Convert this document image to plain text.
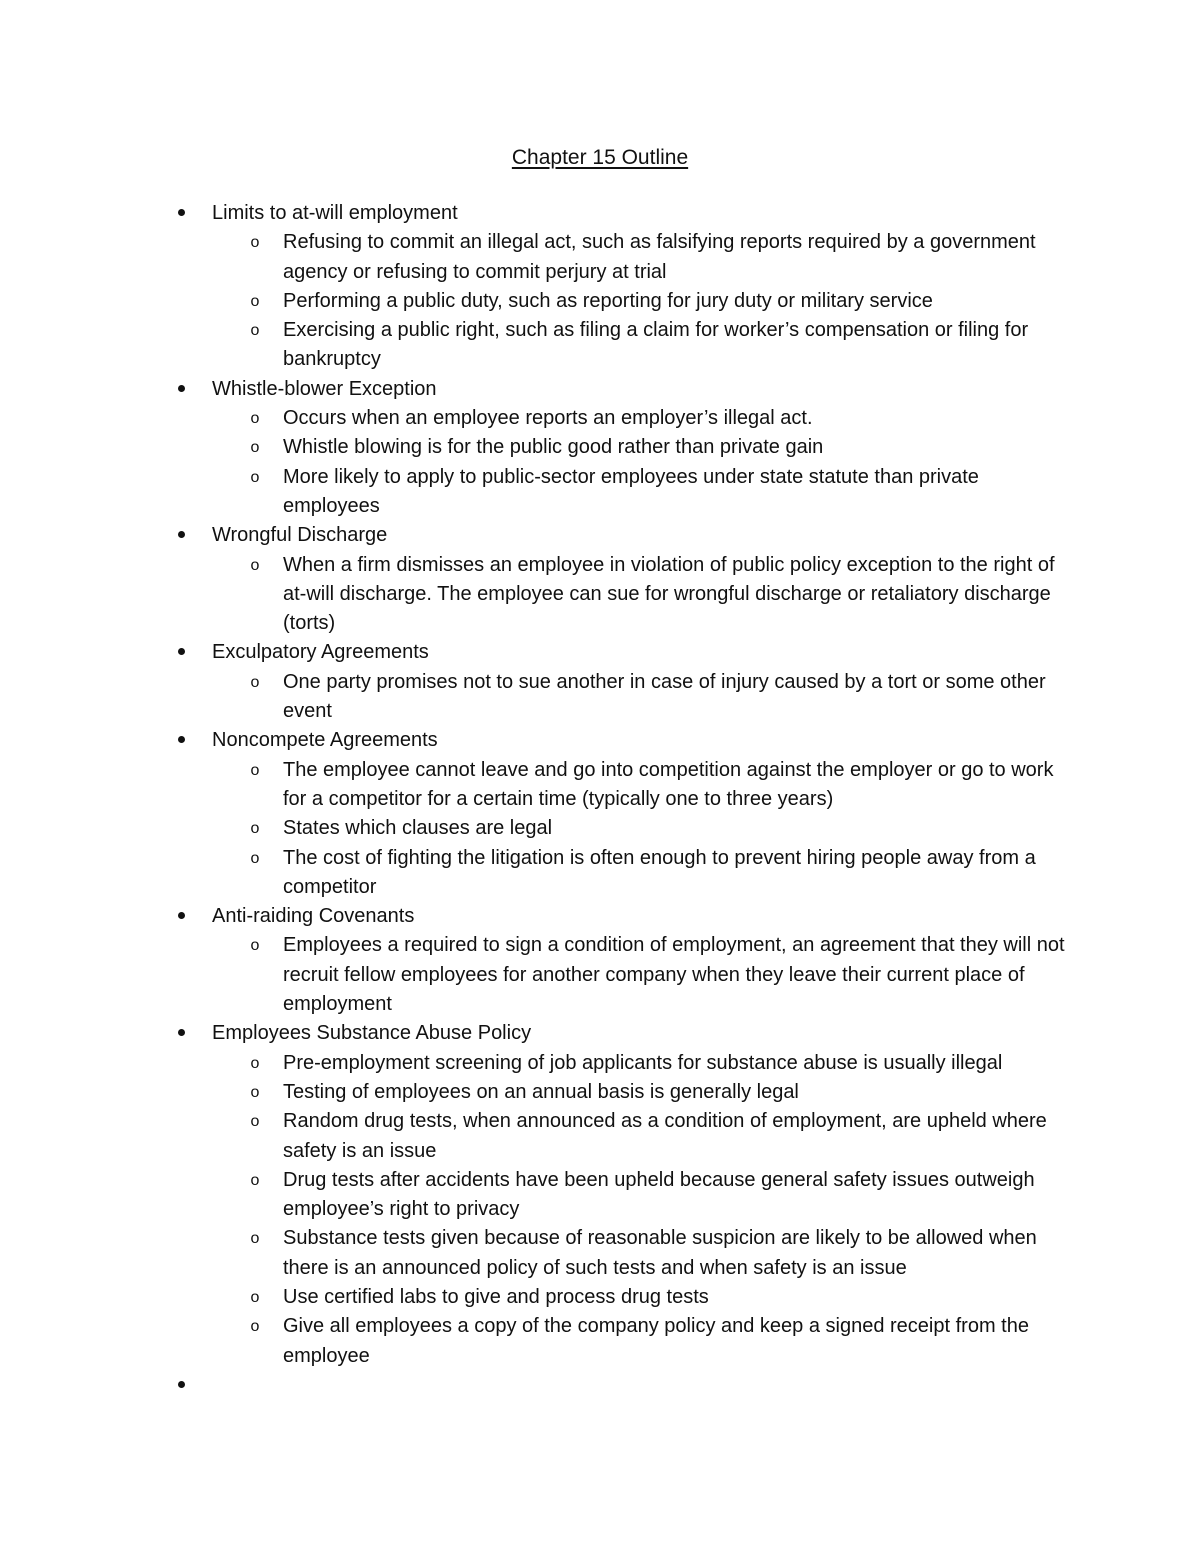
Chapter 15 Outline
Limits to at-will employment
o Refusing to commit an illegal act, such as falsifying reports required by a government agency or refusing to commit perjury at trial
o Performing a public duty, such as reporting for jury duty or military service
o Exercising a public right, such as filing a claim for worker’s compensation or filing for bankruptcy
Whistle-blower Exception
o Occurs when an employee reports an employer’s illegal act.
o Whistle blowing is for the public good rather than private gain
o More likely to apply to public-sector employees under state statute than private employees
Wrongful Discharge
o When a firm dismisses an employee in violation of public policy exception to the right of at-will discharge. The employee can sue for wrongful discharge or retaliatory discharge (torts)
Exculpatory Agreements
o One party promises not to sue another in case of injury caused by a tort or some other event
Noncompete Agreements
o The employee cannot leave and go into competition against the employer or go to work for a competitor for a certain time (typically one to three years)
o States which clauses are legal
o The cost of fighting the litigation is often enough to prevent hiring people away from a competitor
Anti-raiding Covenants
o Employees a required to sign a condition of employment, an agreement that they will not recruit fellow employees for another company when they leave their current place of employment
Employees Substance Abuse Policy
o Pre-employment screening of job applicants for substance abuse is usually illegal
o Testing of employees on an annual basis is generally legal
o Random drug tests, when announced as a condition of employment, are upheld where safety is an issue
o Drug tests after accidents have been upheld because general safety issues outweigh employee’s right to privacy
o Substance tests given because of reasonable suspicion are likely to be allowed when there is an announced policy of such tests and when safety is an issue
o Use certified labs to give and process drug tests
o Give all employees a copy of the company policy and keep a signed receipt from the employee
